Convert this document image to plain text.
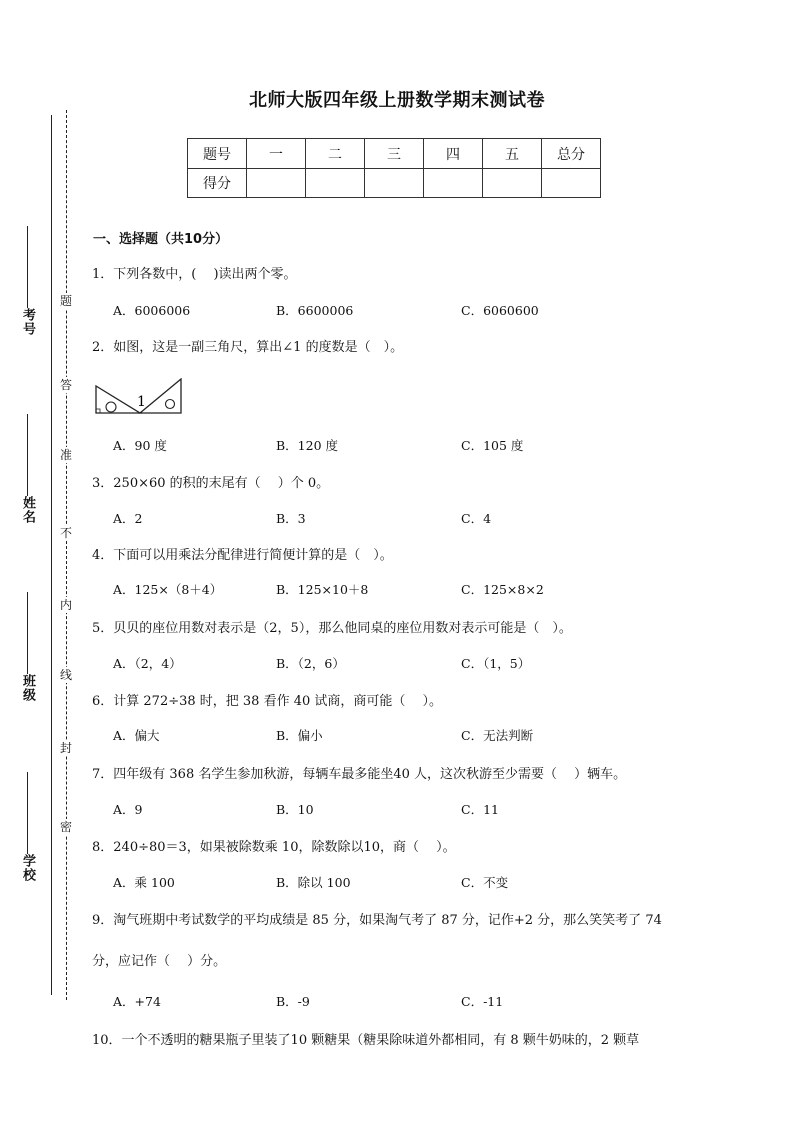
考号
姓名
班级
学校
题
答
准
不
内
线
封
密
北师大版四年级上册数学期末测试卷
题号	一	二	三	四	五	总分
得分						
一、选择题（共10分）
1．下列各数中，(　 )读出两个零。
A．6006006	B．6600006	C．6060600
2．如图，这是一副三角尺，算出∠1 的度数是（　）。
1
A．90 度	B．120 度	C．105 度
3．250×60 的积的末尾有（　 ）个 0。
A．2	B．3	C．4
4．下面可以用乘法分配律进行简便计算的是（　）。
A．125×（8＋4）	B．125×10＋8	C．125×8×2
5．贝贝的座位用数对表示是（2，5），那么他同桌的座位用数对表示可能是（　）。
A．（2，4）	B．（2，6）	C．（1，5）
6．计算 272÷38 时，把 38 看作 40 试商，商可能（　 ）。
A．偏大	B．偏小	C．无法判断
7．四年级有 368 名学生参加秋游，每辆车最多能坐40 人，这次秋游至少需要（　 ）辆车。
A．9	B．10	C．11
8．240÷80＝3，如果被除数乘 10，除数除以10，商（　 ）。
A．乘 100	B．除以 100	C．不变
9．淘气班期中考试数学的平均成绩是 85 分，如果淘气考了 87 分，记作+2 分，那么笑笑考了 74
分，应记作（　 ）分。
A．+74	B．-9	C．-11
10．一个不透明的糖果瓶子里装了10 颗糖果（糖果除味道外都相同，有 8 颗牛奶味的，2 颗草
